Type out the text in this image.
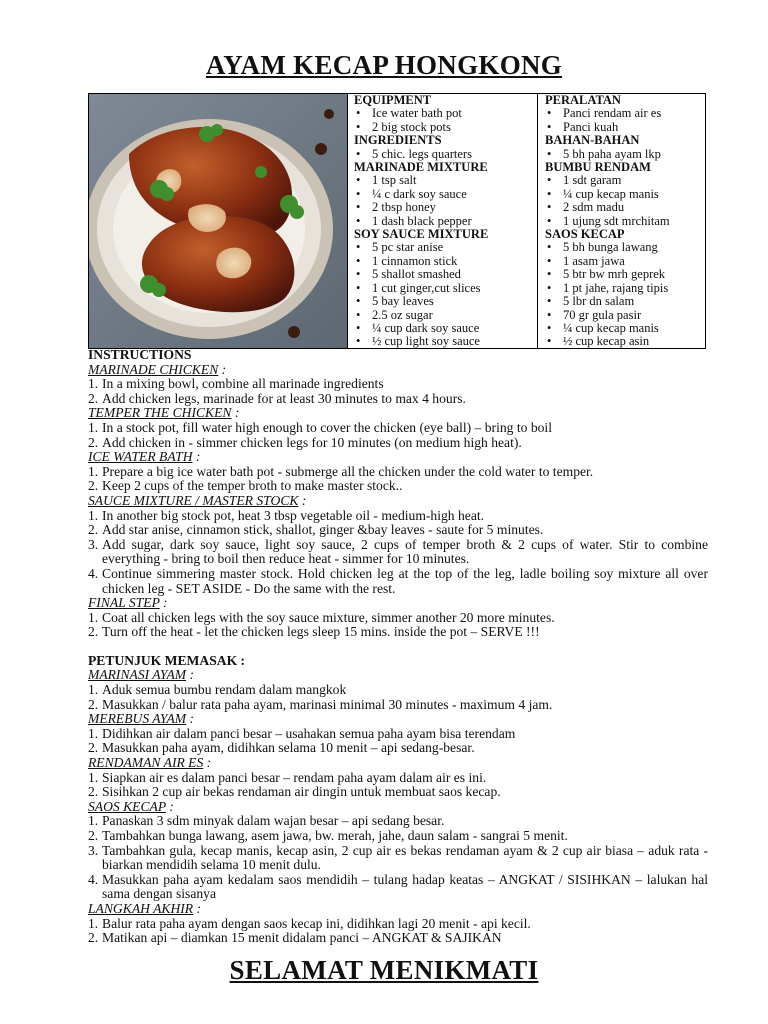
AYAM KECAP HONGKONG
EQUIPMENT
• Ice water bath pot
• 2 big stock pots
INGREDIENTS
• 5 chic. legs quarters
MARINADE MIXTURE
• 1 tsp salt
• ¼ c dark soy sauce
• 2 tbsp honey
• 1 dash black pepper
SOY SAUCE MIXTURE
• 5 pc star anise
• 1 cinnamon stick
• 5 shallot smashed
• 1 cut ginger,cut slices
• 5 bay leaves
• 2.5 oz sugar
• ¼ cup dark soy sauce
• ½ cup light soy sauce
PERALATAN
• Panci rendam air es
• Panci kuah
BAHAN-BAHAN
• 5 bh paha ayam lkp
BUMBU RENDAM
• 1 sdt garam
• ¼ cup kecap manis
• 2 sdm madu
• 1 ujung sdt mrchitam
SAOS KECAP
• 5 bh bunga lawang
• 1 asam jawa
• 5 btr bw mrh geprek
• 1 pt jahe, rajang tipis
• 5 lbr dn salam
• 70 gr gula pasir
• ¼ cup kecap manis
• ½ cup kecap asin
INSTRUCTIONS
MARINADE CHICKEN :
1. In a mixing bowl, combine all marinade ingredients
2. Add chicken legs, marinade for at least 30 minutes to max 4 hours.
TEMPER THE CHICKEN :
1. In a stock pot, fill water high enough to cover the chicken (eye ball) – bring to boil
2. Add chicken in - simmer chicken legs for 10 minutes (on medium high heat).
ICE WATER BATH :
1. Prepare a big ice water bath pot - submerge all the chicken under the cold water to temper.
2. Keep 2 cups of the temper broth to make master stock..
SAUCE MIXTURE / MASTER STOCK :
1. In another big stock pot, heat 3 tbsp vegetable oil - medium-high heat.
2. Add star anise, cinnamon stick, shallot, ginger &bay leaves - saute for 5 minutes.
3. Add sugar, dark soy sauce, light soy sauce, 2 cups of temper broth & 2 cups of water. Stir to combine everything - bring to boil then reduce heat - simmer for 10 minutes.
4. Continue simmering master stock. Hold chicken leg at the top of the leg, ladle boiling soy mixture all over chicken leg - SET ASIDE - Do the same with the rest.
FINAL STEP :
1. Coat all chicken legs with the soy sauce mixture, simmer another 20 more minutes.
2. Turn off the heat - let the chicken legs sleep 15 mins. inside the pot – SERVE !!!
PETUNJUK MEMASAK :
MARINASI AYAM :
1. Aduk semua bumbu rendam dalam mangkok
2. Masukkan / balur rata paha ayam, marinasi minimal 30 minutes - maximum 4 jam.
MEREBUS AYAM :
1. Didihkan air dalam panci besar – usahakan semua paha ayam bisa terendam
2. Masukkan paha ayam, didihkan selama 10 menit – api sedang-besar.
RENDAMAN AIR ES :
1. Siapkan air es dalam panci besar – rendam paha ayam dalam air es ini.
2. Sisihkan 2 cup air bekas rendaman air dingin untuk membuat saos kecap.
SAOS KECAP :
1. Panaskan 3 sdm minyak dalam wajan besar – api sedang besar.
2. Tambahkan bunga lawang, asem jawa, bw. merah, jahe, daun salam - sangrai 5 menit.
3. Tambahkan gula, kecap manis, kecap asin, 2 cup air es bekas rendaman ayam & 2 cup air biasa – aduk rata - biarkan mendidih selama 10 menit dulu.
4. Masukkan paha ayam kedalam saos mendidih – tulang hadap keatas – ANGKAT / SISIHKAN – lalukan hal sama dengan sisanya
LANGKAH AKHIR :
1. Balur rata paha ayam dengan saos kecap ini, didihkan lagi 20 menit - api kecil.
2. Matikan api – diamkan 15 menit didalam panci – ANGKAT & SAJIKAN
SELAMAT MENIKMATI
